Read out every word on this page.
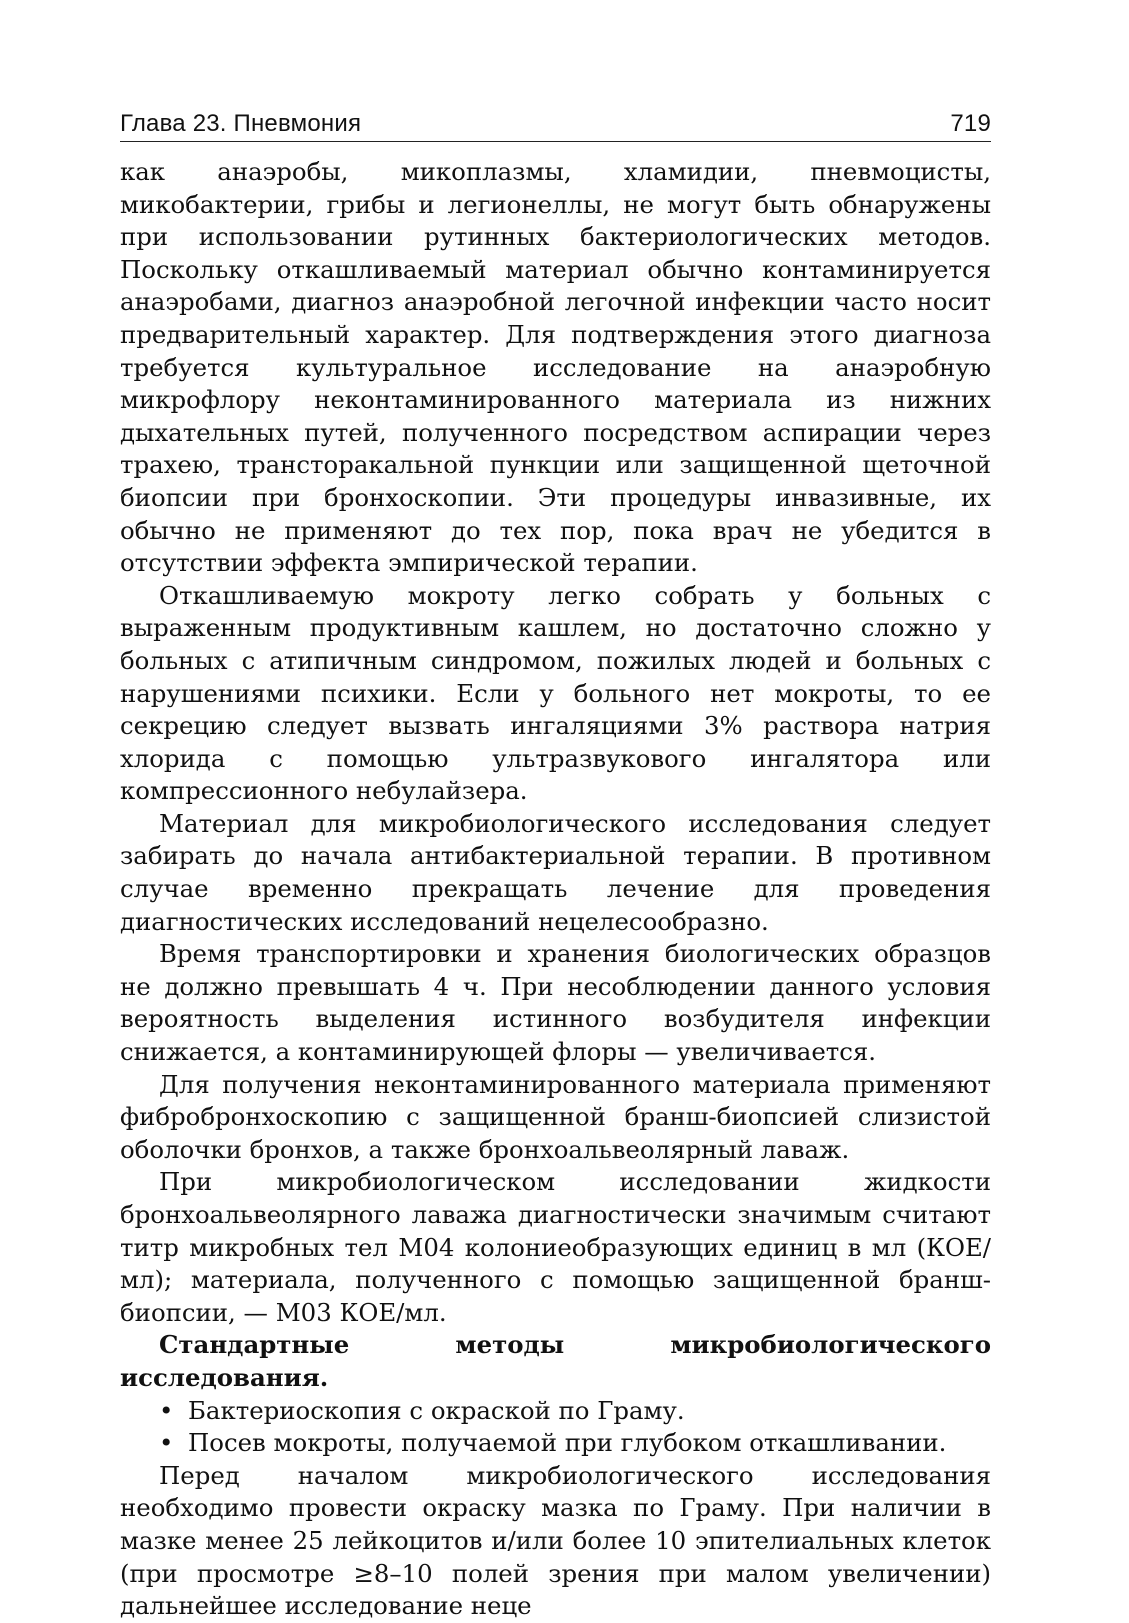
Глава 23. Пневмония	719

как анаэробы, микоплазмы, хламидии, пневмоцисты, микобактерии, грибы и легионеллы, не могут быть обнаружены при использовании рутинных бактериологических методов. Поскольку откашливаемый материал обычно контаминируется анаэробами, диагноз анаэробной легочной инфекции часто носит предварительный характер. Для подтверждения этого диагноза требуется культуральное исследование на анаэробную микрофлору неконтаминированного материала из нижних дыхательных путей, полученного посредством аспирации через трахею, трансторакальной пункции или защищенной щеточной биопсии при бронхоскопии. Эти процедуры инвазивные, их обычно не применяют до тех пор, пока врач не убедится в отсутствии эффекта эмпирической терапии.

Откашливаемую мокроту легко собрать у больных с выраженным продуктивным кашлем, но достаточно сложно у больных с атипичным синдромом, пожилых людей и больных с нарушениями психики. Если у больного нет мокроты, то ее секрецию следует вызвать ингаляциями 3% раствора натрия хлорида с помощью ультразвукового ингалятора или компрессионного небулайзера.

Материал для микробиологического исследования следует забирать до начала антибактериальной терапии. В противном случае временно прекращать лечение для проведения диагностических исследований нецелесообразно.

Время транспортировки и хранения биологических образцов не должно превышать 4 ч. При несоблюдении данного условия вероятность выделения истинного возбудителя инфекции снижается, а контаминирующей флоры — увеличивается.

Для получения неконтаминированного материала применяют фибробронхоскопию с защищенной бранш-биопсией слизистой оболочки бронхов, а также бронхоальвеолярный лаваж.

При микробиологическом исследовании жидкости бронхоальвеолярного лаважа диагностически значимым считают титр микробных тел М04 колониеобразующих единиц в мл (КОЕ/мл); материала, полученного с помощью защищенной бранш-биопсии, — М03 КОЕ/мл.

Стандартные методы микробиологического исследования.

• Бактериоскопия с окраской по Граму.
• Посев мокроты, получаемой при глубоком откашливании.

Перед началом микробиологического исследования необходимо провести окраску мазка по Граму. При наличии в мазке менее 25 лейкоцитов и/или более 10 эпителиальных клеток (при просмотре ≥8–10 полей зрения при малом увеличении) дальнейшее исследование неце
